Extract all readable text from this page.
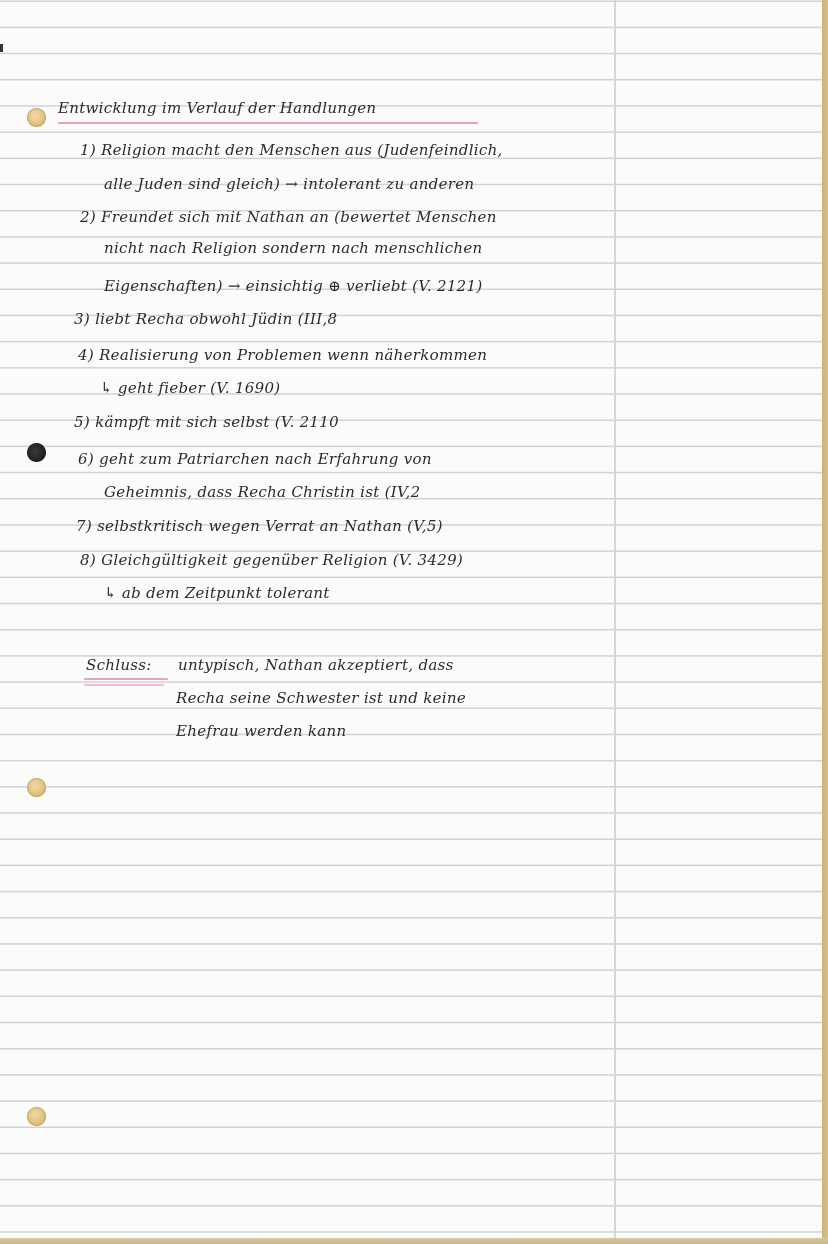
Entwicklung im Verlauf der Handlungen
1) Religion macht den Menschen aus (Judenfeindlich,
alle Juden sind gleich) → intolerant zu anderen
2) Freundet sich mit Nathan an (bewertet Menschen
nicht nach Religion sondern nach menschlichen
Eigenschaften) → einsichtig ⊕ verliebt (V. 2121)
3) liebt Recha obwohl Jüdin (III,8
4) Realisierung von Problemen wenn näherkommen
↳ geht fieber (V. 1690)
5) kämpft mit sich selbst (V. 2110
6) geht zum Patriarchen nach Erfahrung von
Geheimnis, dass Recha Christin ist (IV,2
7) selbstkritisch wegen Verrat an Nathan (V,5)
8) Gleichgültigkeit gegenüber Religion (V. 3429)
↳ ab dem Zeitpunkt tolerant
Schluss: untypisch, Nathan akzeptiert, dass
Recha seine Schwester ist und keine
Ehefrau werden kann
